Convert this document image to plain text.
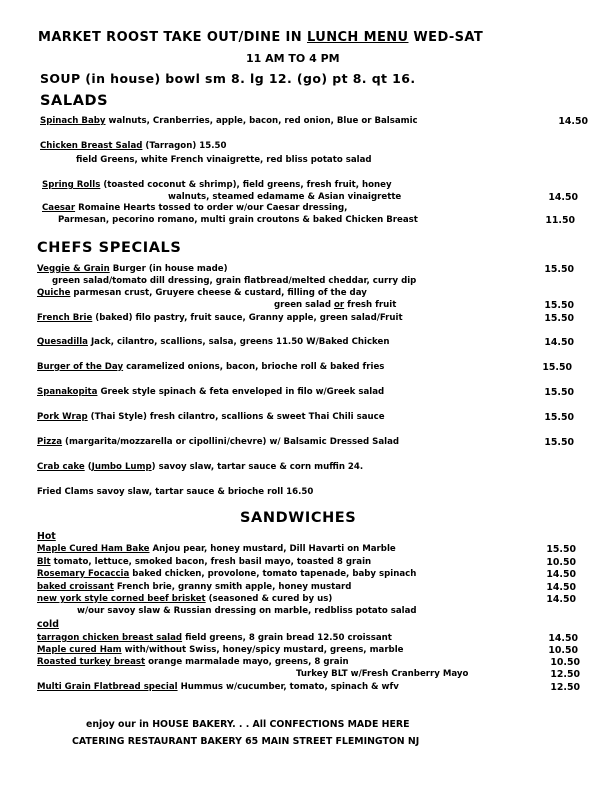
MARKET ROOST TAKE OUT/DINE IN LUNCH MENU WED-SAT
11 AM TO 4 PM
SOUP (in house) bowl sm 8. lg 12. (go) pt 8. qt 16.
SALADS
Spinach Baby walnuts, Cranberries, apple, bacon, red onion, Blue or Balsamic	14.50
Chicken Breast Salad (Tarragon) 15.50
field Greens, white French vinaigrette, red bliss potato salad
Spring Rolls (toasted coconut & shrimp), field greens, fresh fruit, honey
walnuts, steamed edamame & Asian vinaigrette	14.50
Caesar Romaine Hearts tossed to order w/our Caesar dressing,
Parmesan, pecorino romano, multi grain croutons & baked Chicken Breast	11.50
CHEFS SPECIALS
Veggie & Grain Burger (in house made)	15.50
green salad/tomato dill dressing, grain flatbread/melted cheddar, curry dip
Quiche parmesan crust, Gruyere cheese & custard, filling of the day
green salad or fresh fruit	15.50
French Brie (baked) filo pastry, fruit sauce, Granny apple, green salad/Fruit	15.50
Quesadilla Jack, cilantro, scallions, salsa, greens 11.50 W/Baked Chicken	14.50
Burger of the Day caramelized onions, bacon, brioche roll & baked fries	15.50
Spanakopita Greek style spinach & feta enveloped in filo w/Greek salad	15.50
Pork Wrap (Thai Style) fresh cilantro, scallions & sweet Thai Chili sauce	15.50
Pizza (margarita/mozzarella or cipollini/chevre) w/ Balsamic Dressed Salad	15.50
Crab cake (Jumbo Lump) savoy slaw, tartar sauce & corn muffin 24.
Fried Clams savoy slaw, tartar sauce & brioche roll 16.50
SANDWICHES
Hot
Maple Cured Ham Bake Anjou pear, honey mustard, Dill Havarti on Marble	15.50
Blt tomato, lettuce, smoked bacon, fresh basil mayo, toasted 8 grain	10.50
Rosemary Focaccia baked chicken, provolone, tomato tapenade, baby spinach	14.50
baked croissant French brie, granny smith apple, honey mustard	14.50
new york style corned beef brisket (seasoned & cured by us)	14.50
w/our savoy slaw & Russian dressing on marble, redbliss potato salad
cold
tarragon chicken breast salad field greens, 8 grain bread 12.50 croissant	14.50
Maple cured Ham with/without Swiss, honey/spicy mustard, greens, marble	10.50
Roasted turkey breast orange marmalade mayo, greens, 8 grain	10.50
Turkey BLT w/Fresh Cranberry Mayo	12.50
Multi Grain Flatbread special Hummus w/cucumber, tomato, spinach & wfv	12.50
enjoy our in HOUSE BAKERY. . . All CONFECTIONS MADE HERE
CATERING RESTAURANT BAKERY 65 MAIN STREET FLEMINGTON NJ
